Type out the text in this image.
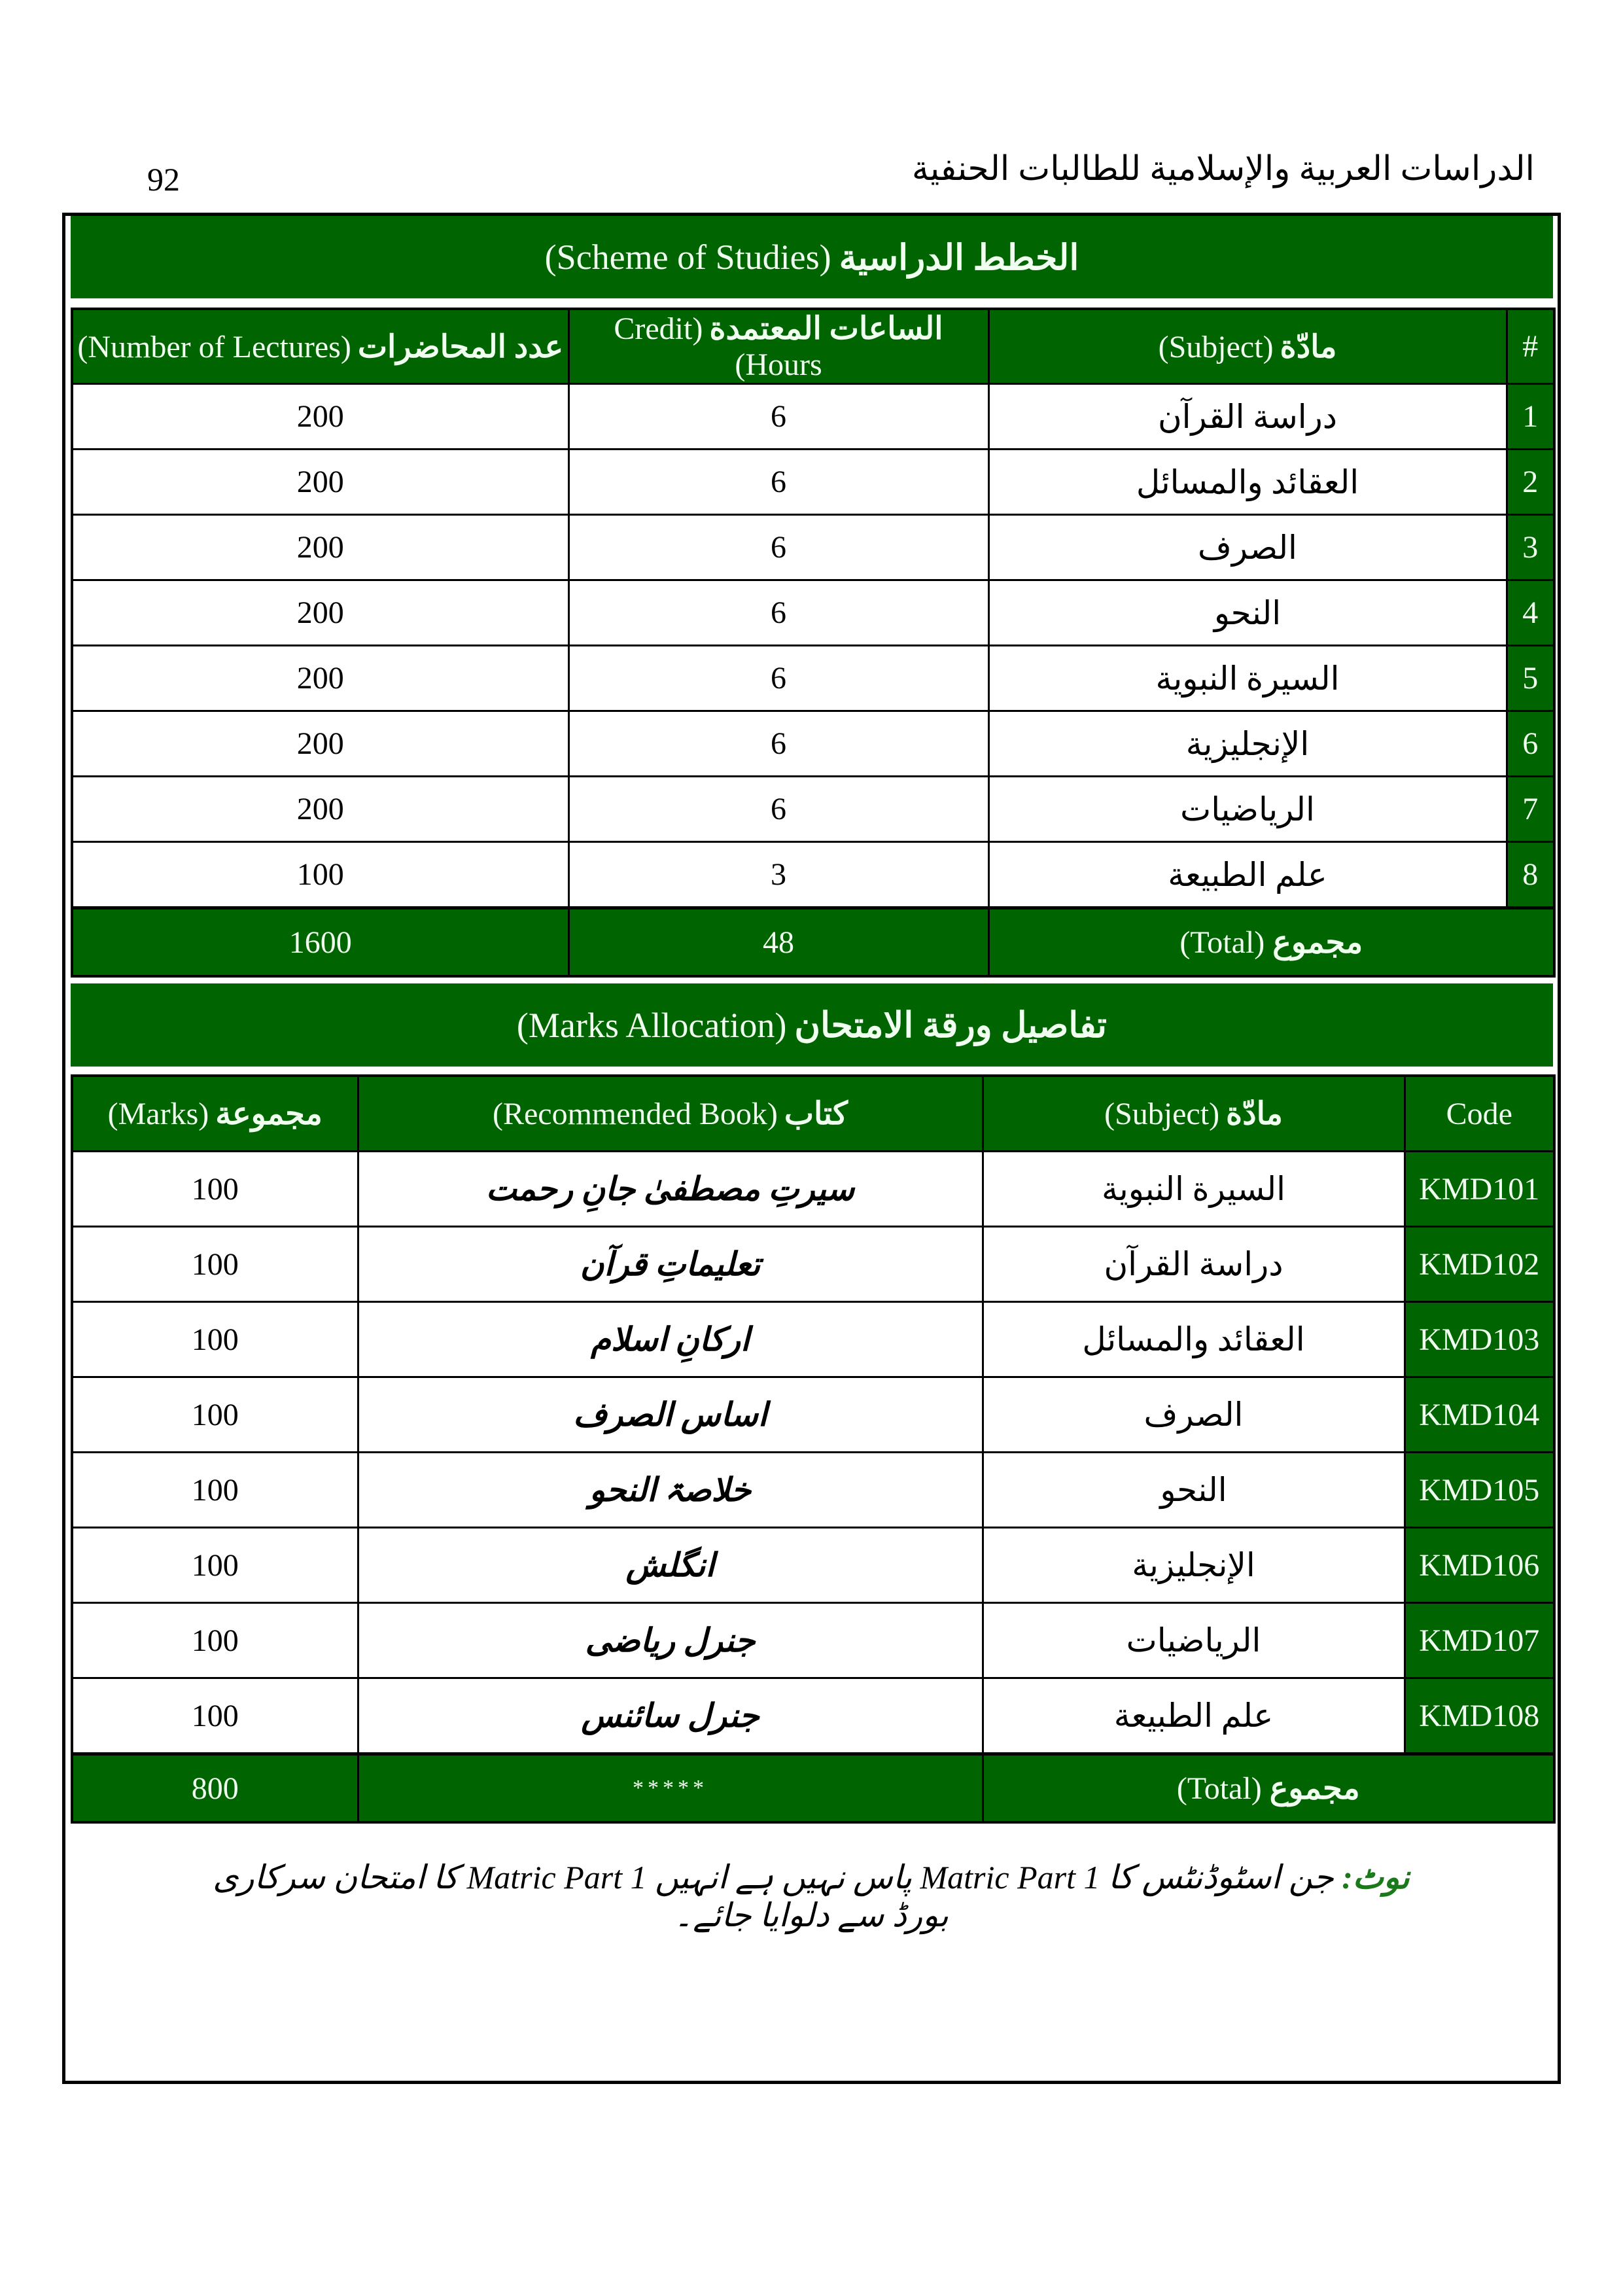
92	الدراسات العربية والإسلامية للطالبات الحنفية
الخطط الدراسية
(Scheme of Studies)
#	مادّة(Subject)	الساعات المعتمدة(Credit Hours)	عدد المحاضرات(Number of Lectures)
1	دراسة القرآن	6	200
2	العقائد والمسائل	6	200
3	الصرف	6	200
4	النحو	6	200
5	السيرة النبوية	6	200
6	الإنجليزية	6	200
7	الرياضيات	6	200
8	علم الطبيعة	3	100
مجموع(Total)		48	1600
تفاصيل ورقة الامتحان
(Marks Allocation)
Code	مادّة(Subject)	كتاب(Recommended Book)	مجموعة(Marks)
KMD101	السيرة النبوية	سیرتِ مصطفیٰ جانِ رحمت	100
KMD102	دراسة القرآن	تعلیماتِ قرآن	100
KMD103	العقائد والمسائل	ارکانِ اسلام	100
KMD104	الصرف	اساس الصرف	100
KMD105	النحو	خلاصۃ النحو	100
KMD106	الإنجليزية	انگلش	100
KMD107	الرياضيات	جنرل ریاضی	100
KMD108	علم الطبيعة	جنرل سائنس	100
مجموع(Total)		*****	800
نوٹ: جن اسٹوڈنٹس کا Matric Part 1 پاس نہیں ہے انہیں Matric Part 1 کا امتحان سرکاری بورڈ سے دلوایا جائے۔
